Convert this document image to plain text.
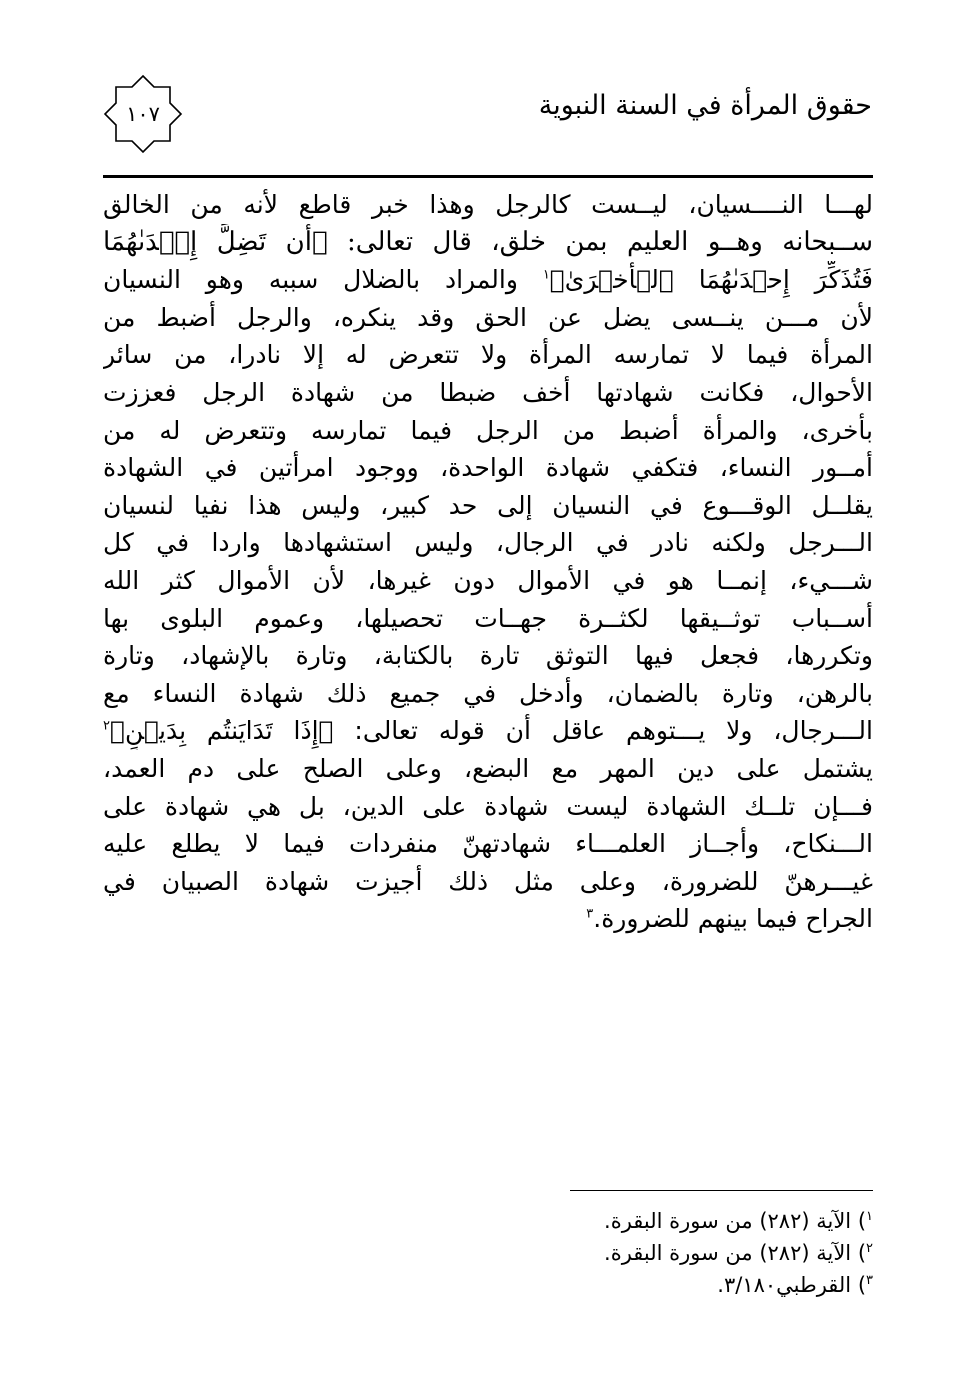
حقوق المرأة في السنة النبوية
١٠٧
لهـــا النــــسيان، ليــست كالرجل وهذا خبر قاطع لأنه من الخالق
ســبحانه وهــو العليم بمن خلق، قال تعالى: ﴿أَن تَضِلَّ إِحۡدَىٰهُمَا
فَتُذَكِّرَ إِحۡدَىٰهُمَا ٱلۡأُخۡرَىٰ﴾$^١$ والمراد بالضلال سببه وهو النسيان
لأن مـــن ينــسى يضل عن الحق وقد ينكره، والرجل أضبط من
المرأة فيما لا تمارسه المرأة ولا تتعرض له إلا نادرا، من سائر
الأحوال، فكانت شهادتها أخف ضبطا من شهادة الرجل فعززت
بأخرى، والمرأة أضبط من الرجل فيما تمارسه وتتعرض له من
أمــور النساء، فتكفي شهادة الواحدة، ووجود امرأتين في الشهادة
يقلــل الوقـــوع في النسيان إلى حد كبير، وليس هذا نفيا لنسيان
الـــرجل ولكنه نادر في الرجال، وليس استشهادها واردا في كل
شـــيء، إنمــا هو في الأموال دون غيرها، لأن الأموال كثر الله
أســباب توثــيقها لكثــرة جهــات تحصيلها، وعموم البلوى بها
وتكررها، فجعل فيها التوثق تارة بالكتابة، وتارة بالإشهاد، وتارة
بالرهن، وتارة بالضمان، وأدخل في جميع ذلك شهادة النساء مع
الـــرجال، ولا يـــتوهم عاقل أن قوله تعالى: ﴿إِذَا تَدَايَنتُم بِدَيۡنٍ﴾$^٢$
يشتمل على دين المهر مع البضع، وعلى الصلح على دم العمد،
فـــإن تلــك الشهادة ليست شهادة على الدين، بل هي شهادة على
الـــنكاح، وأجــاز العلمـــاء شهادتهنّ منفردات فيما لا يطلع عليه
غيـــرهنّ للضرورة، وعلى مثل ذلك أجيزت شهادة الصبيان في
الجراح فيما بينهم للضرورة.$^٣$
$^١$) الآية (٢٨٢) من سورة البقرة.
$^٢$) الآية (٢٨٢) من سورة البقرة.
$^٣$) القرطبي٣/١٨٠.
